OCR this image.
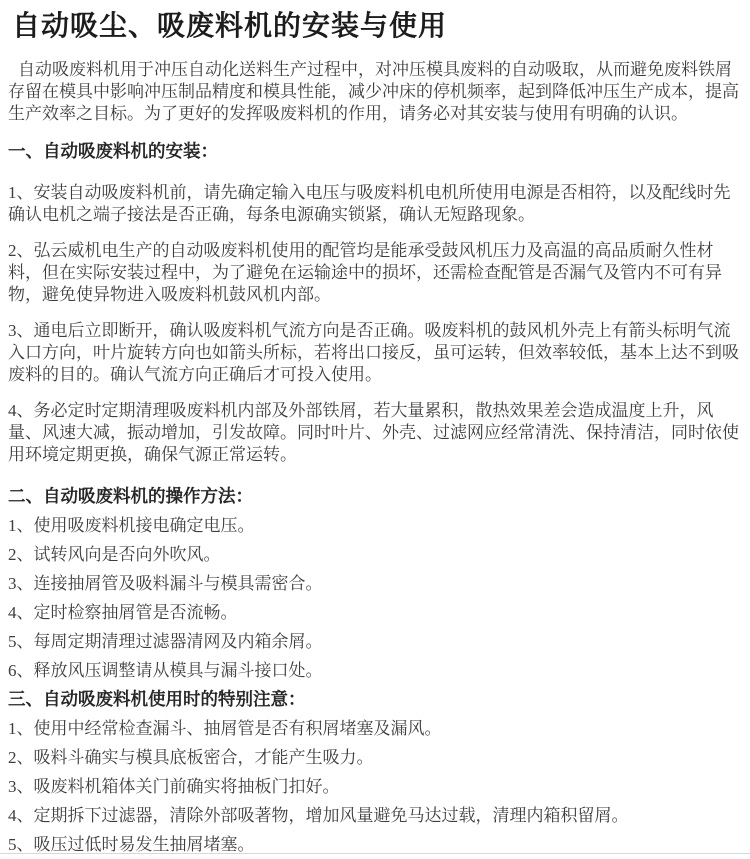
自动吸尘、吸废料机的安装与使用

自动吸废料机用于冲压自动化送料生产过程中，对冲压模具废料的自动吸取，从而避免废料铁屑存留在模具中影响冲压制品精度和模具性能，减少冲床的停机频率，起到降低冲压生产成本，提高生产效率之目标。为了更好的发挥吸废料机的作用，请务必对其安装与使用有明确的认识。

一、自动吸废料机的安装：

1、安装自动吸废料机前，请先确定输入电压与吸废料机电机所使用电源是否相符，以及配线时先确认电机之端子接法是否正确，每条电源确实锁紧，确认无短路现象。

2、弘云威机电生产的自动吸废料机使用的配管均是能承受鼓风机压力及高温的高品质耐久性材料，但在实际安装过程中，为了避免在运输途中的损坏，还需检查配管是否漏气及管内不可有异物，避免使异物进入吸废料机鼓风机内部。

3、通电后立即断开，确认吸废料机气流方向是否正确。吸废料机的鼓风机外壳上有箭头标明气流入口方向，叶片旋转方向也如箭头所标，若将出口接反，虽可运转，但效率较低，基本上达不到吸废料的目的。确认气流方向正确后才可投入使用。

4、务必定时定期清理吸废料机内部及外部铁屑，若大量累积，散热效果差会造成温度上升，风量、风速大减，振动增加，引发故障。同时叶片、外壳、过滤网应经常清洗、保持清洁，同时依使用环境定期更换，确保气源正常运转。

二、自动吸废料机的操作方法：

1、使用吸废料机接电确定电压。

2、试转风向是否向外吹风。

3、连接抽屑管及吸料漏斗与模具需密合。

4、定时检察抽屑管是否流畅。

5、每周定期清理过滤器清网及内箱余屑。

6、释放风压调整请从模具与漏斗接口处。

三、自动吸废料机使用时的特别注意：

1、使用中经常检查漏斗、抽屑管是否有积屑堵塞及漏风。

2、吸料斗确实与模具底板密合，才能产生吸力。

3、吸废料机箱体关门前确实将抽板门扣好。

4、定期拆下过滤器，清除外部吸著物，增加风量避免马达过载，清理内箱积留屑。

5、吸压过低时易发生抽屑堵塞。
